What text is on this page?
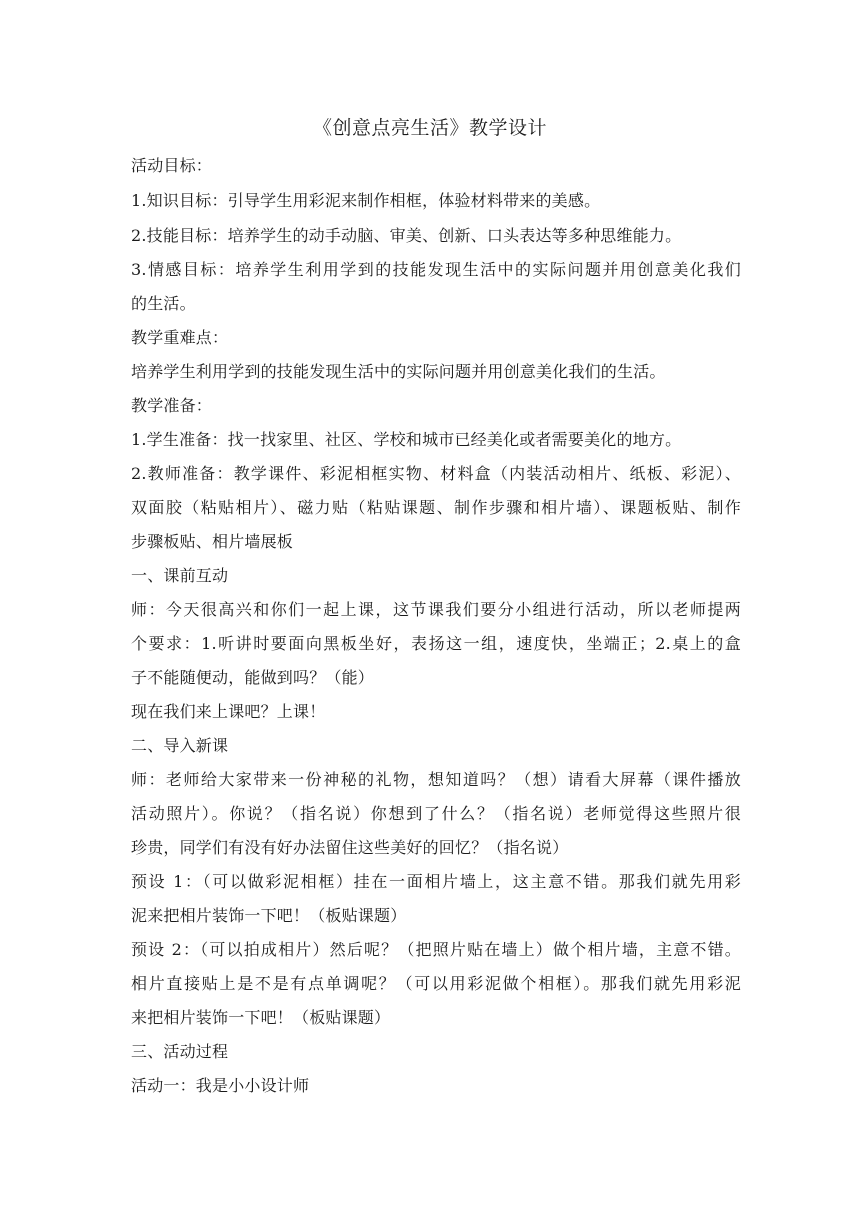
《创意点亮生活》教学设计
活动目标：
1.知识目标：引导学生用彩泥来制作相框，体验材料带来的美感。
2.技能目标：培养学生的动手动脑、审美、创新、口头表达等多种思维能力。
3.情感目标：培养学生利用学到的技能发现生活中的实际问题并用创意美化我们
的生活。
教学重难点：
培养学生利用学到的技能发现生活中的实际问题并用创意美化我们的生活。
教学准备：
1.学生准备：找一找家里、社区、学校和城市已经美化或者需要美化的地方。
2.教师准备：教学课件、彩泥相框实物、材料盒（内装活动相片、纸板、彩泥）、
双面胶（粘贴相片）、磁力贴（粘贴课题、制作步骤和相片墙）、课题板贴、制作
步骤板贴、相片墙展板
一、课前互动
师：今天很高兴和你们一起上课，这节课我们要分小组进行活动，所以老师提两
个要求：1.听讲时要面向黑板坐好，表扬这一组，速度快，坐端正；2.桌上的盒
子不能随便动，能做到吗？（能）
现在我们来上课吧？上课！
二、导入新课
师：老师给大家带来一份神秘的礼物，想知道吗？（想）请看大屏幕（课件播放
活动照片）。你说？（指名说）你想到了什么？（指名说）老师觉得这些照片很
珍贵，同学们有没有好办法留住这些美好的回忆？（指名说）
预设 1：（可以做彩泥相框）挂在一面相片墙上，这主意不错。那我们就先用彩
泥来把相片装饰一下吧！（板贴课题）
预设 2：（可以拍成相片）然后呢？（把照片贴在墙上）做个相片墙，主意不错。
相片直接贴上是不是有点单调呢？（可以用彩泥做个相框）。那我们就先用彩泥
来把相片装饰一下吧！（板贴课题）
三、活动过程
活动一：我是小小设计师
